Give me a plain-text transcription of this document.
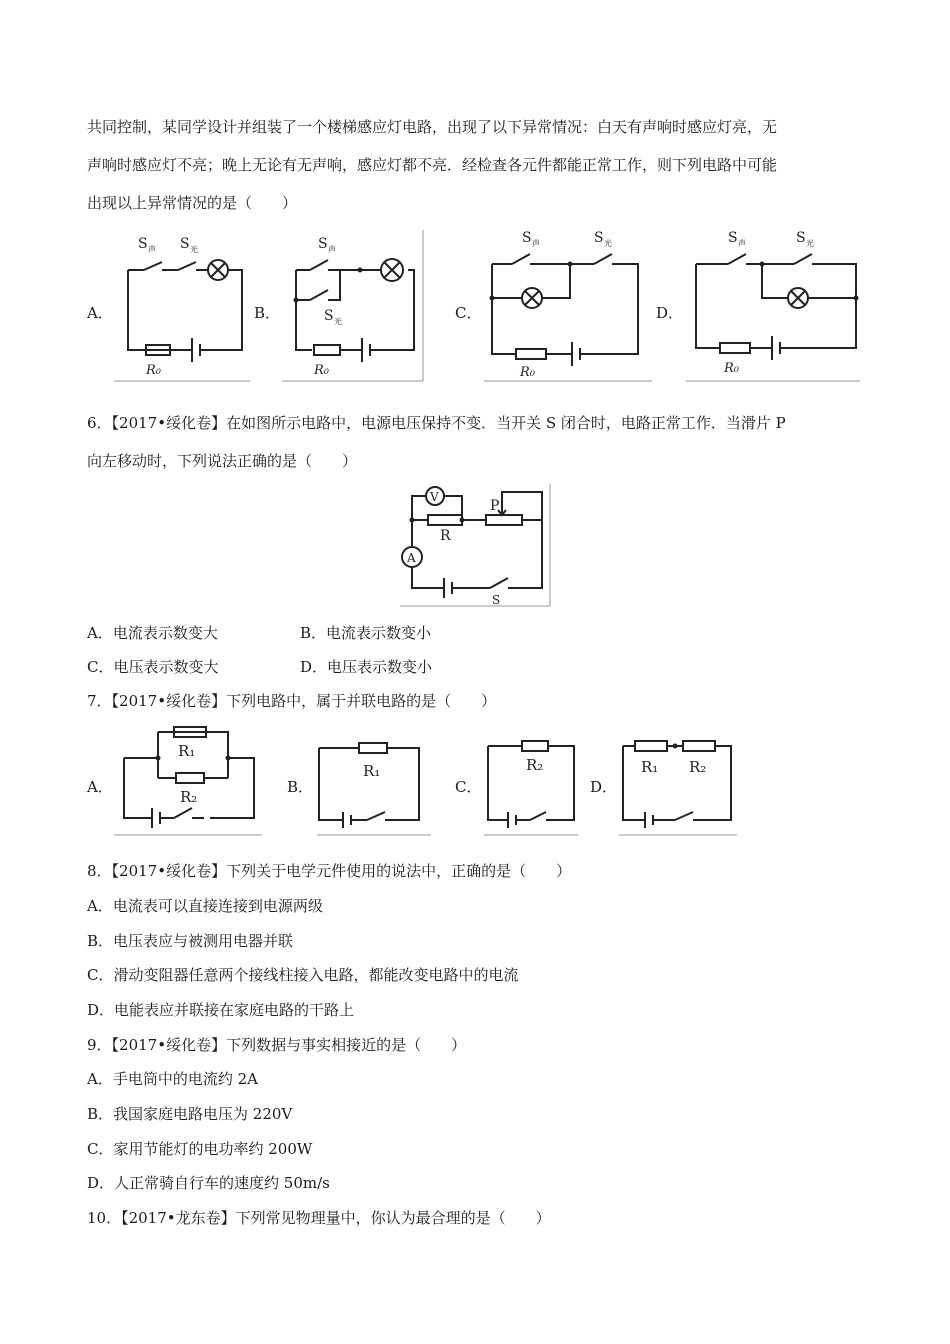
共同控制，某同学设计并组装了一个楼梯感应灯电路，出现了以下异常情况：白天有声响时感应灯亮，无
声响时感应灯不亮；晚上无论有无声响，感应灯都不亮．经检查各元件都能正常工作，则下列电路中可能
出现以上异常情况的是（　　）
A．	B．	C．	D．
S 声 S 光
R₀
S 声
S 光
R₀
S 声	S 光
R₀
S 声	S 光
R₀
6．【2017•绥化卷】在如图所示电路中，电源电压保持不变．当开关 S 闭合时，电路正常工作．当滑片 P
向左移动时，下列说法正确的是（　　）
V
A
R
P
S
A．电流表示数变大	B．电流表示数变小
C．电压表示数变大	D．电压表示数变小
7．【2017•绥化卷】下列电路中，属于并联电路的是（　　）
A．	B．	C．	D．
R₁
R₂
R₁	R₂	R₁ R₂
8．【2017•绥化卷】下列关于电学元件使用的说法中，正确的是（　　）
A．电流表可以直接连接到电源两级
B．电压表应与被测用电器并联
C．滑动变阻器任意两个接线柱接入电路，都能改变电路中的电流
D．电能表应并联接在家庭电路的干路上
9．【2017•绥化卷】下列数据与事实相接近的是（　　）
A．手电筒中的电流约 2A
B．我国家庭电路电压为 220V
C．家用节能灯的电功率约 200W
D．人正常骑自行车的速度约 50m/s
10．【2017•龙东卷】下列常见物理量中，你认为最合理的是（　　）
